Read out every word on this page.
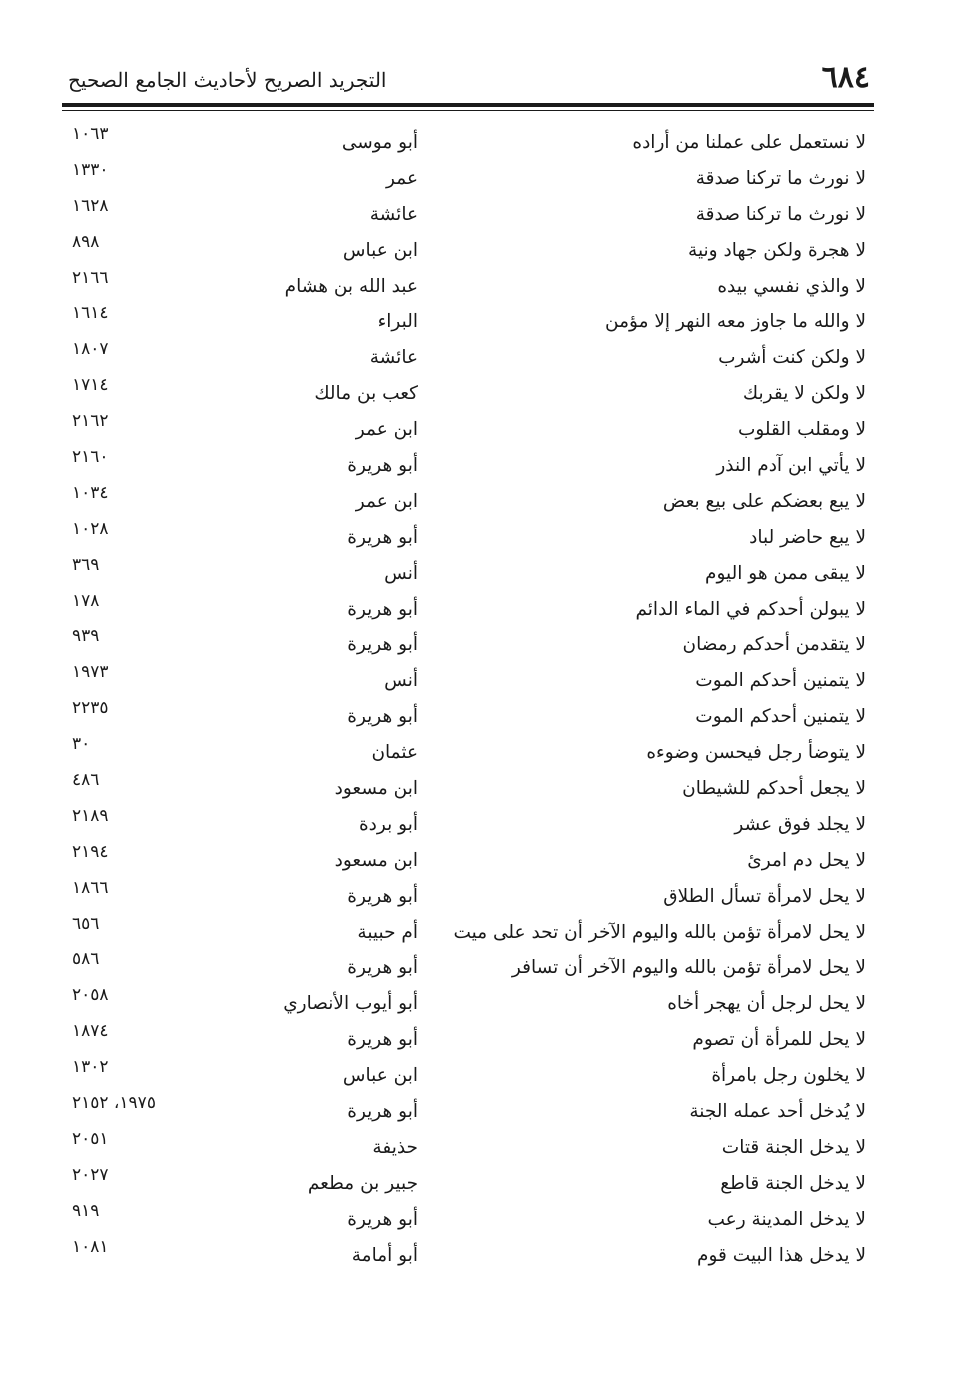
٦٨٤
التجريد الصريح لأحاديث الجامع الصحيح
لا نستعمل على عملنا من أراده
أبو موسى
١٠٦٣
لا نورث ما تركنا صدقة
عمر
١٣٣٠
لا نورث ما تركنا صدقة
عائشة
١٦٢٨
لا هجرة ولكن جهاد ونية
ابن عباس
٨٩٨
لا والذي نفسي بيده
عبد الله بن هشام
٢١٦٦
لا والله ما جاوز معه النهر إلا مؤمن
البراء
١٦١٤
لا ولكن كنت أشرب
عائشة
١٨٠٧
لا ولكن لا يقربك
كعب بن مالك
١٧١٤
لا ومقلب القلوب
ابن عمر
٢١٦٢
لا يأتي ابن آدم النذر
أبو هريرة
٢١٦٠
لا يبع بعضكم على بيع بعض
ابن عمر
١٠٣٤
لا يبع حاضر لباد
أبو هريرة
١٠٢٨
لا يبقى ممن هو اليوم
أنس
٣٦٩
لا يبولن أحدكم في الماء الدائم
أبو هريرة
١٧٨
لا يتقدمن أحدكم رمضان
أبو هريرة
٩٣٩
لا يتمنين أحدكم الموت
أنس
١٩٧٣
لا يتمنين أحدكم الموت
أبو هريرة
٢٢٣٥
لا يتوضأ رجل فيحسن وضوءه
عثمان
٣٠
لا يجعل أحدكم للشيطان
ابن مسعود
٤٨٦
لا يجلد فوق عشر
أبو بردة
٢١٨٩
لا يحل دم امرئ
ابن مسعود
٢١٩٤
لا يحل لامرأة تسأل الطلاق
أبو هريرة
١٨٦٦
لا يحل لامرأة تؤمن بالله واليوم الآخر أن تحد على ميت
أم حبيبة
٦٥٦
لا يحل لامرأة تؤمن بالله واليوم الآخر أن تسافر
أبو هريرة
٥٨٦
لا يحل لرجل أن يهجر أخاه
أبو أيوب الأنصاري
٢٠٥٨
لا يحل للمرأة أن تصوم
أبو هريرة
١٨٧٤
لا يخلون رجل بامرأة
ابن عباس
١٣٠٢
لا يُدخل أحد عمله الجنة
أبو هريرة
١٩٧٥، ٢١٥٢
لا يدخل الجنة قتات
حذيفة
٢٠٥١
لا يدخل الجنة قاطع
جبير بن مطعم
٢٠٢٧
لا يدخل المدينة رعب
أبو هريرة
٩١٩
لا يدخل هذا البيت قوم
أبو أمامة
١٠٨١
